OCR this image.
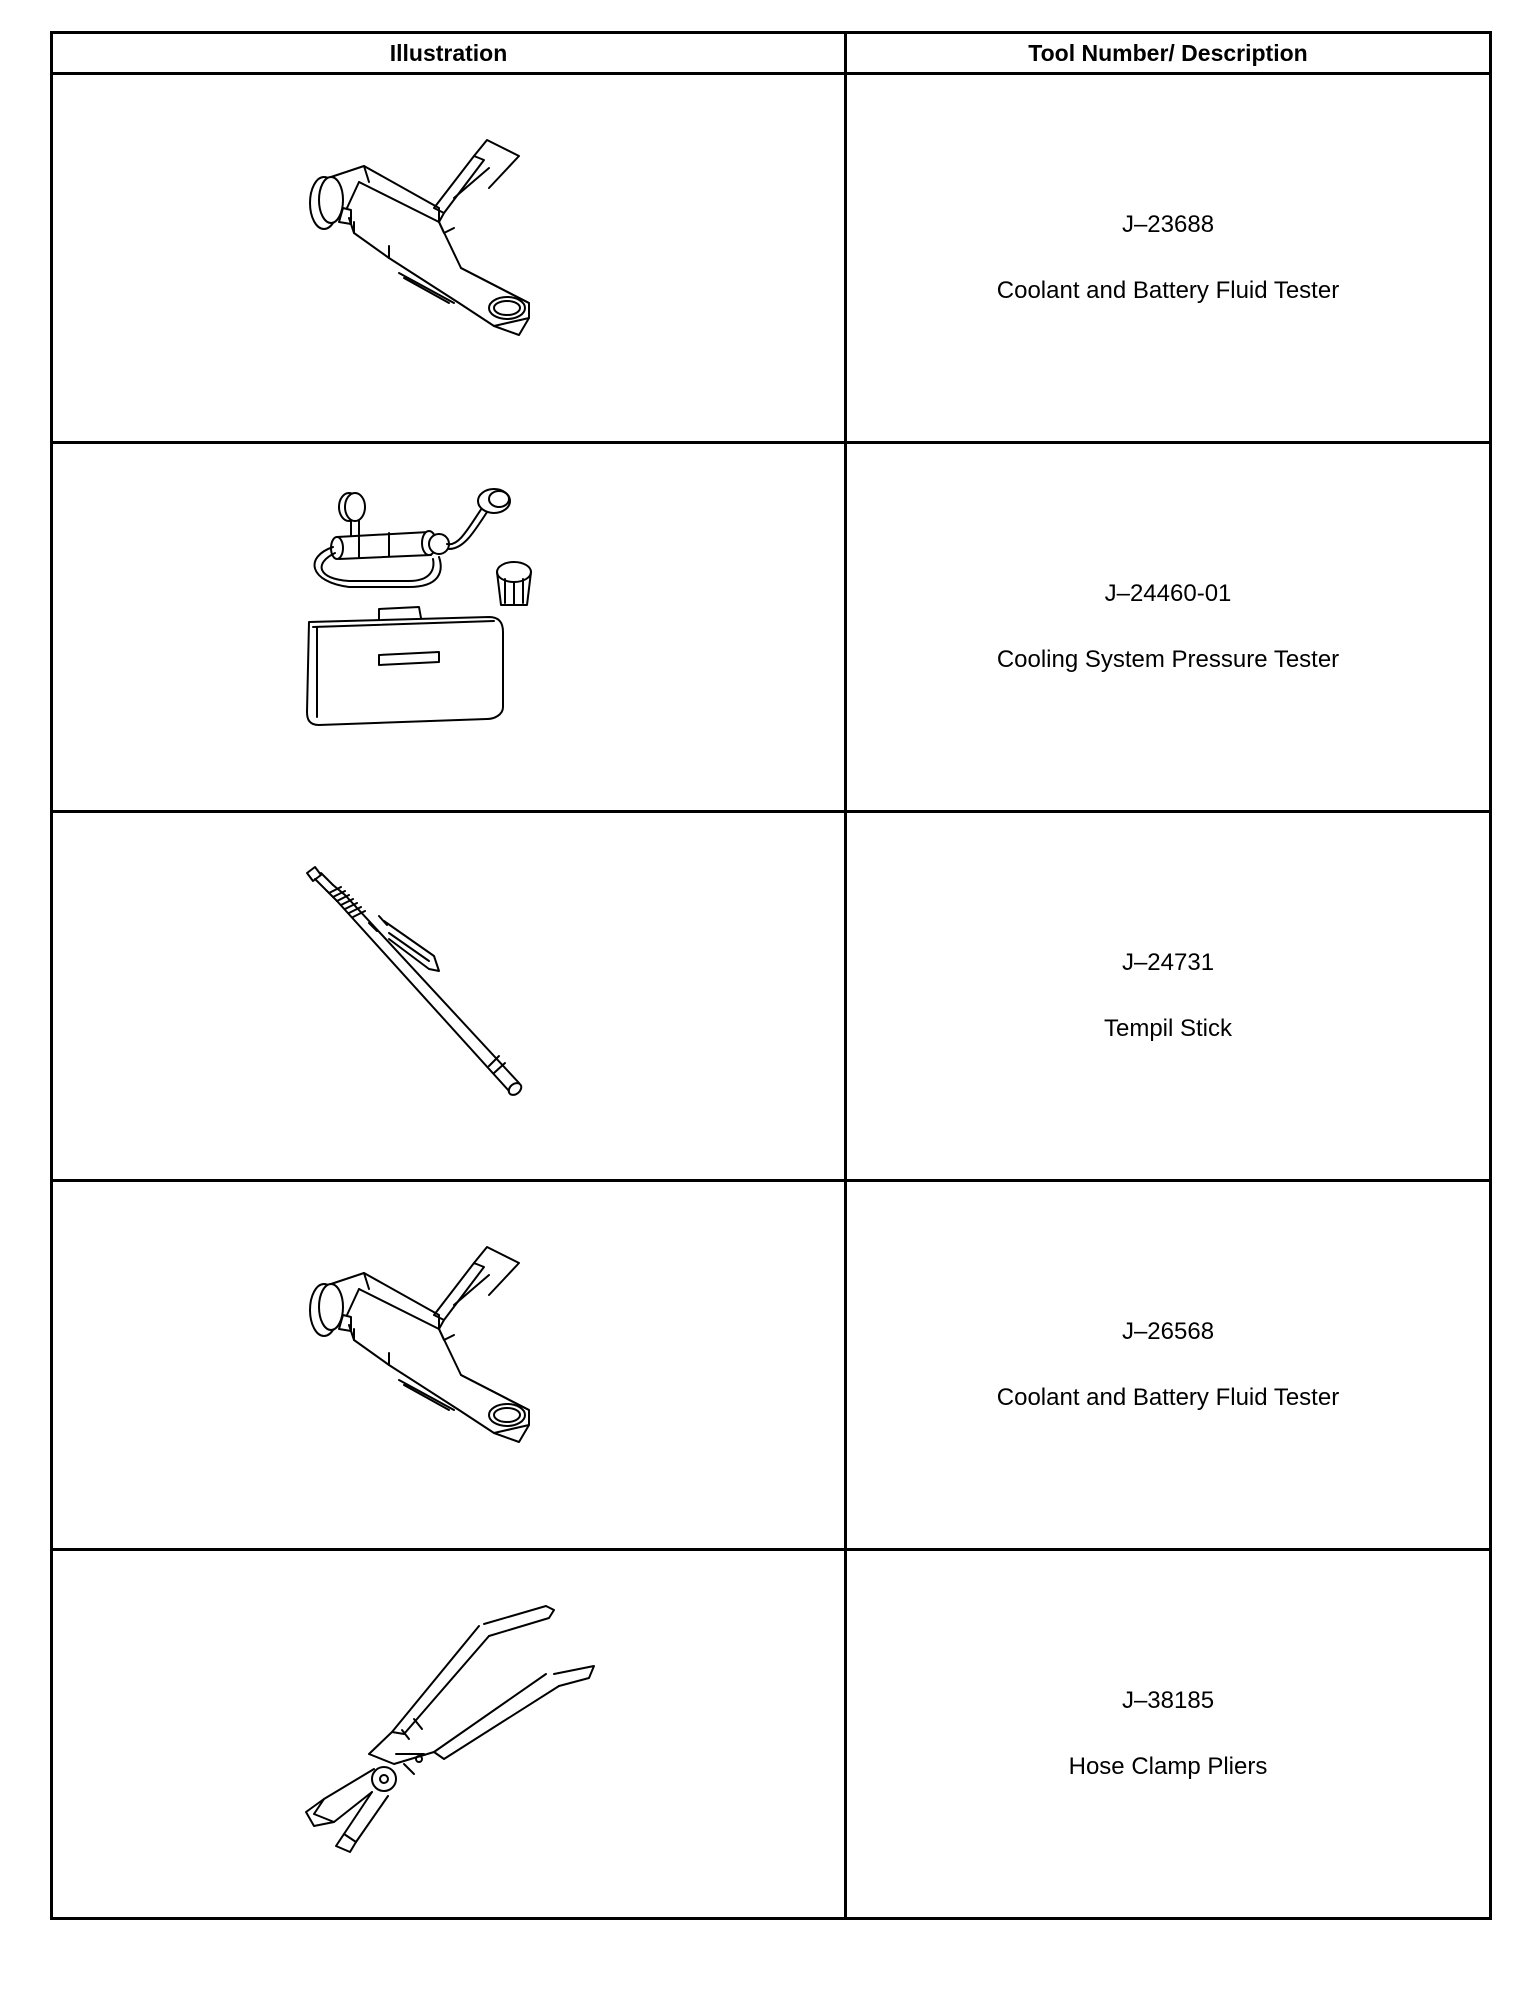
Illustration	Tool Number/ Description

J–23688
Coolant and Battery Fluid Tester

J–24460-01
Cooling System Pressure Tester

J–24731
Tempil Stick

J–26568
Coolant and Battery Fluid Tester

J–38185
Hose Clamp Pliers
